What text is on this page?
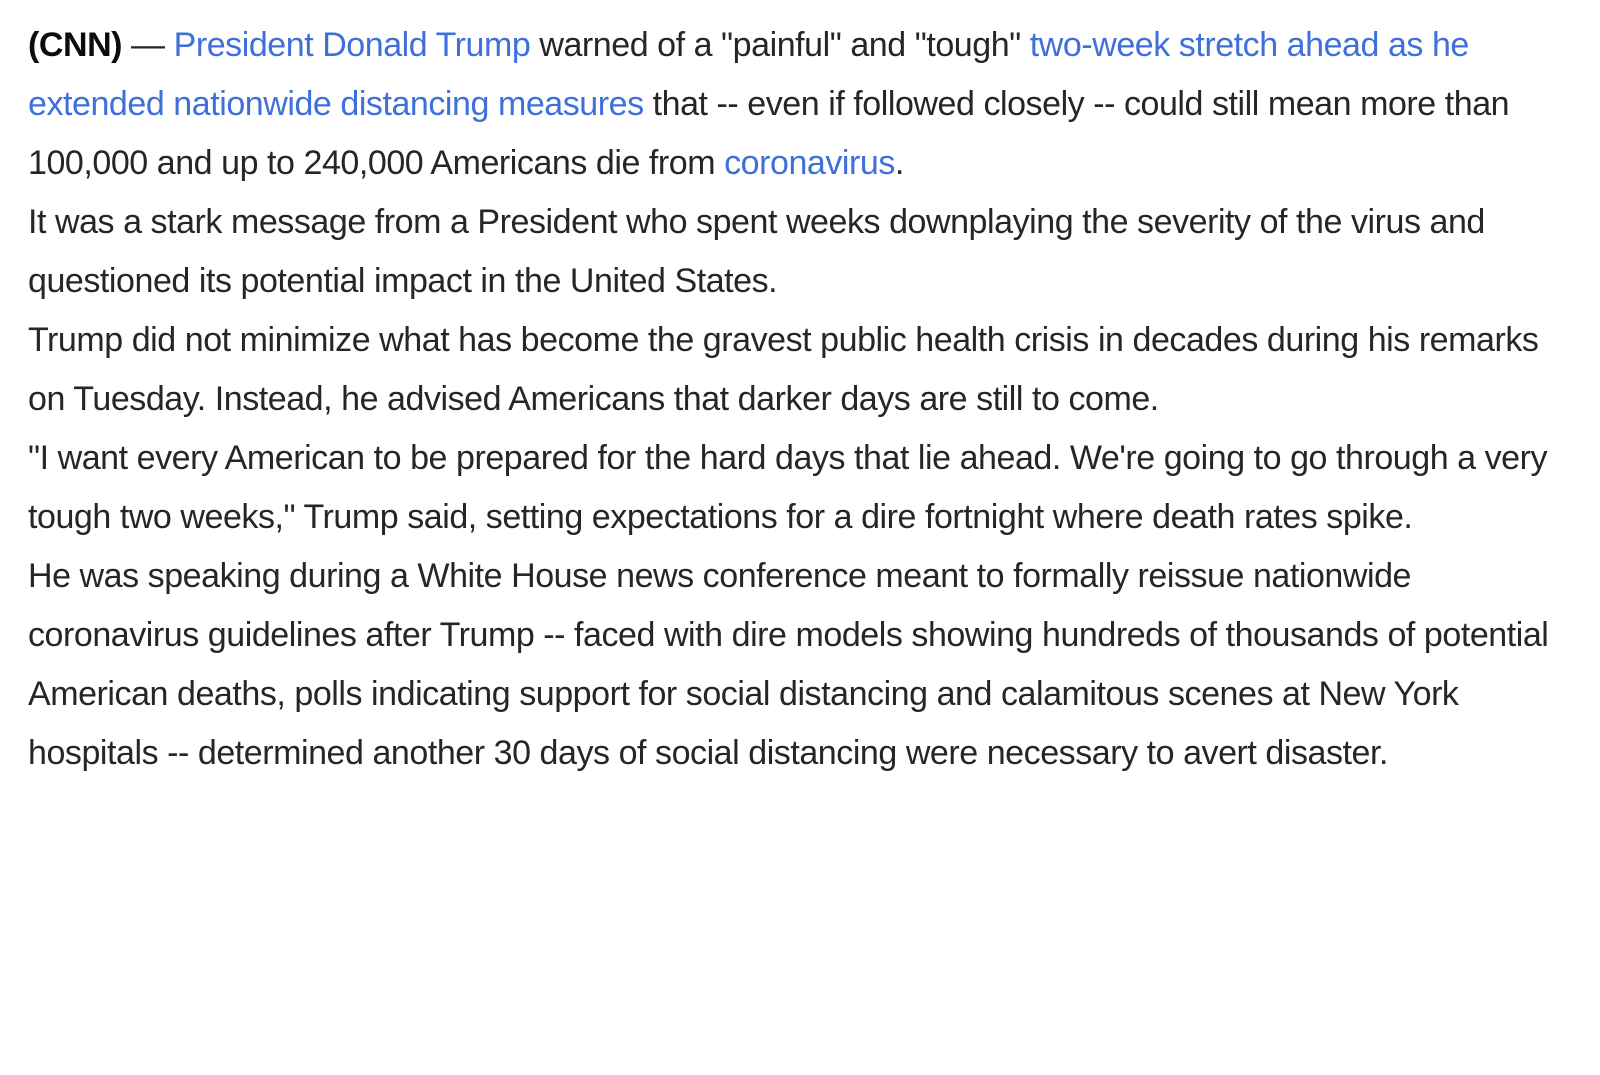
(CNN) — President Donald Trump warned of a "painful" and "tough" two-week stretch ahead as he extended nationwide distancing measures that -- even if followed closely -- could still mean more than 100,000 and up to 240,000 Americans die from coronavirus.

It was a stark message from a President who spent weeks downplaying the severity of the virus and questioned its potential impact in the United States.

Trump did not minimize what has become the gravest public health crisis in decades during his remarks on Tuesday. Instead, he advised Americans that darker days are still to come.

"I want every American to be prepared for the hard days that lie ahead. We're going to go through a very tough two weeks," Trump said, setting expectations for a dire fortnight where death rates spike.

He was speaking during a White House news conference meant to formally reissue nationwide coronavirus guidelines after Trump -- faced with dire models showing hundreds of thousands of potential American deaths, polls indicating support for social distancing and calamitous scenes at New York hospitals -- determined another 30 days of social distancing were necessary to avert disaster.
